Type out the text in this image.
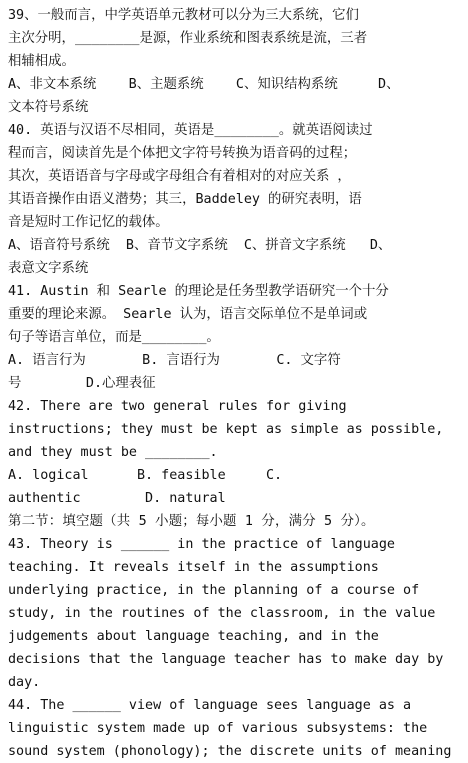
39、一般而言，中学英语单元教材可以分为三大系统，它们
主次分明，________是源，作业系统和图表系统是流，三者
相辅相成。
A、非文本系统    B、主题系统    C、知识结构系统     D、
文本符号系统
40. 英语与汉语不尽相同，英语是________。就英语阅读过
程而言，阅读首先是个体把文字符号转换为语音码的过程；
其次，英语语音与字母或字母组合有着相对的对应关系 ，
其语音操作由语义潜势；其三，Baddeley 的研究表明，语
音是短时工作记忆的载体。
A、语音符号系统  B、音节文字系统  C、拼音文字系统   D、
表意文字系统
41. Austin 和 Searle 的理论是任务型教学语研究一个十分
重要的理论来源。 Searle 认为，语言交际单位不是单词或
句子等语言单位，而是________。
A. 语言行为       B. 言语行为       C. 文字符
号        D.心理表征
42. There are two general rules for giving
instructions; they must be kept as simple as possible,
and they must be ________.
A. logical      B. feasible     C.
authentic        D. natural
第二节：填空题（共 5 小题；每小题 1 分，满分 5 分）。
43. Theory is ______ in the practice of language
teaching. It reveals itself in the assumptions
underlying practice, in the planning of a course of
study, in the routines of the classroom, in the value
judgements about language teaching, and in the
decisions that the language teacher has to make day by
day.
44. The ______ view of language sees language as a
linguistic system made up of various subsystems: the
sound system (phonology); the discrete units of meaning
